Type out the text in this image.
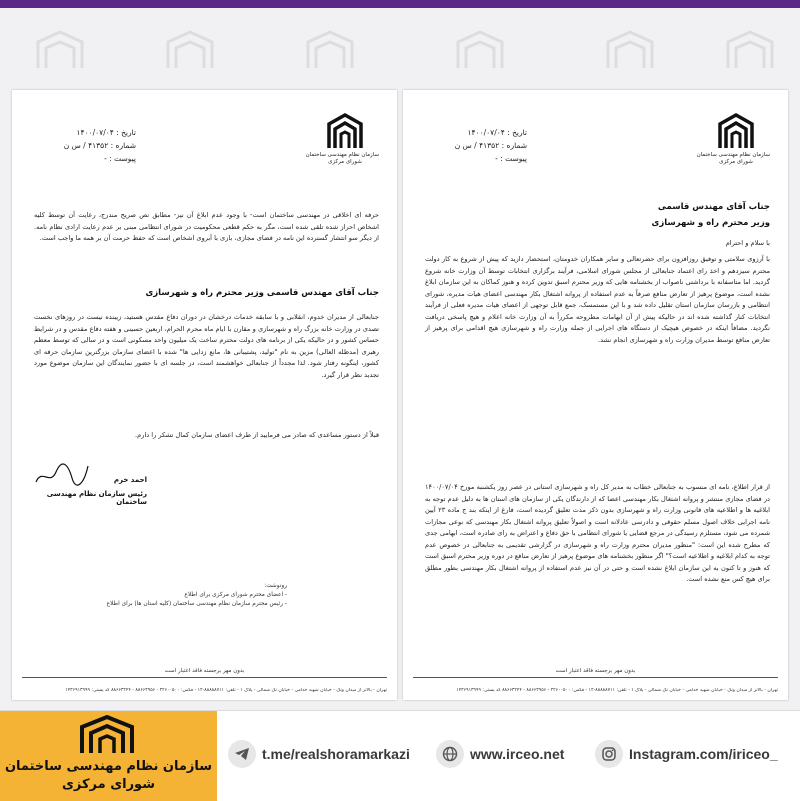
سازمان نظام مهندسی ساختمان
شورای مرکزی
تاریخ : ۱۴۰۰/۰۷/۰۴
شماره : ۴۱۳۵۲ / س ن
پیوست : -
حرفه ای اخلاقی در مهندسی ساختمان است- با وجود عدم ابلاغ آن نیز- مطابق نص صریح مندرج، رعایت آن توسط کلیه اشخاص احراز شده تلقی شده است، مگر به حکم قطعی محکومیت در شورای انتظامی مبنی بر عدم رعایت ارادی نظام نامه. از دیگر سو انتشار گسترده این نامه در فضای مجازی، بازی با آبروی اشخاص است که حفظ حرمت آن بر همه ما واجب است.
جناب آقای مهندس قاسمی وزیر محترم راه و شهرسازی
جنابعالی از مدیران خدوم، انقلابی و با سابقه خدمات درخشان در دوران دفاع مقدس هستید، زیبنده نیست در روزهای نخست تصدی در وزارت خانه بزرگ راه و شهرسازی و مقارن با ایام ماه محرم الحرام، اربعین حسینی و هفته دفاع مقدس و در شرایط حساس کشور و در حالیکه یکی از برنامه های دولت محترم ساخت یک میلیون واحد مسکونی است و در سالی که توسط معظم رهبری (مدظله العالی) مزین به نام "تولید، پشتیبانی ها، مانع زدایی ها" شده با اعضای سازمان بزرگترین سازمان حرفه ای کشور، اینگونه رفتار شود. لذا مجدداً از جنابعالی خواهشمند است، در جلسه ای با حضور نمایندگان این سازمان موضوع مورد تجدید نظر قرار گیرد.
قبلاً از دستور مساعدی که صادر می فرمایید از طرف اعضای سازمان کمال تشکر را دارم.
احمد خرم
رئیس سازمان نظام مهندسی ساختمان
رونوشت:
- اعضای محترم شورای مرکزی برای اطلاع
- رئیس محترم سازمان نظام مهندسی ساختمان (کلیه استان ها) برای اطلاع
بدون مهر برجسته فاقد اعتبار است
تهران - بالاتر از میدان ونک - خیابان شهید خدامی - خیابان تک شمالی - پلاک ۱ - تلفن: ۸۸۸۸۸۷۱۱-۱۲ - فکس: ۲۲۶۰۰۵۰۰ - ۸۸۶۶۳۹۵۶ - ۸۸۶۶۳۲۴۴ کد پستی: ۱۴۳۶۹۱۳۹۹۹
سازمان نظام مهندسی ساختمان
شورای مرکزی
تاریخ : ۱۴۰۰/۰۷/۰۴
شماره : ۴۱۳۵۲ / س ن
پیوست : -
جناب آقای مهندس قاسمی
وزیر محترم راه و شهرسازی
با سلام و احترام
با آرزوی سلامتی و توفیق روزافزون برای حضرتعالی و سایر همکاران خدومتان، استحضار دارید که پیش از شروع به کار دولت محترم سیزدهم و اخذ رای اعتماد جنابعالی از مجلس شورای اسلامی، فرآیند برگزاری انتخابات توسط آن وزارت خانه شروع گردید. اما متاسفانه با برداشتی ناصواب از بخشنامه هایی که وزیر محترم اسبق تدوین کرده و هنوز کماکان به این سازمان ابلاغ نشده است، موضوع پرهیز از تعارض منافع صرفاً به عدم استفاده از پروانه اشتغال بکار مهندسی اعضای هیات مدیره، شورای انتظامی و بازرسان سازمان استان تقلیل داده شد و با این مستمسک، جمع قابل توجهی از اعضای هیات مدیره فعلی از فرآیند انتخابات کنار گذاشته شده اند در حالیکه پیش از آن ابهامات مطروحه مکرراً به آن وزارت خانه اعلام و هیچ پاسخی دریافت نگردید. مضافاً اینکه در خصوص هیچیک از دستگاه های اجرایی از جمله وزارت راه و شهرسازی هیچ اقدامی برای پرهیز از تعارض منافع توسط مدیران وزارت راه و شهرسازی انجام نشد.
از قرار اطلاع، نامه ای منسوب به جنابعالی خطاب به مدیر کل راه و شهرسازی استانی در عصر روز یکشنبه مورخ ۱۴۰۰/۰۷/۰۴ در فضای مجازی منتشر و پروانه اشتغال بکار مهندسی اعضا که از دارندگان یکی از سازمان های استان ها به دلیل عدم توجه به ابلاغیه ها و اطلاعیه های قانونی وزارت راه و شهرسازی بدون ذکر مدت تعلیق گردیده است، فارغ از اینکه بند ج ماده ۲۳ آیین نامه اجرایی خلاف اصول مسلم حقوقی و دادرسی عادلانه است و اصولاً تعلیق پروانه اشتغال بکار مهندسی که نوعی مجازات شمرده می شود، مستلزم رسیدگی در مرجع قضایی یا شورای انتظامی با حق دفاع و اعتراض به رای صادره است، ابهامی جدی که مطرح شده این است: "منظور مدیران محترم وزارت راه و شهرسازی در گزارشی تقدیمی به جنابعالی در خصوص عدم توجه به کدام ابلاغیه و اطلاعیه است؟" اگر منظور بخشنامه های موضوع پرهیز از تعارض منافع در دوره وزیر محترم اسبق است که هنوز و تا کنون به این سازمان ابلاغ نشده است و حتی در آن نیز عدم استفاده از پروانه اشتغال بکار مهندسی بطور مطلق برای هیچ کس منع نشده است.
بدون مهر برجسته فاقد اعتبار است
تهران - بالاتر از میدان ونک - خیابان شهید خدامی - خیابان تک شمالی - پلاک ۱ - تلفن: ۸۸۸۸۸۷۱۱-۱۲ - فکس: ۲۲۶۰۰۵۰۰ - ۸۸۶۶۳۹۵۶ - ۸۸۶۶۳۲۴۴ کد پستی: ۱۴۳۶۹۱۳۹۹۹
سازمان نظام مهندسی ساختمان
شورای مرکزی
t.me/realshoramarkazi	www.irceo.net	Instagram.com/iriceo_
